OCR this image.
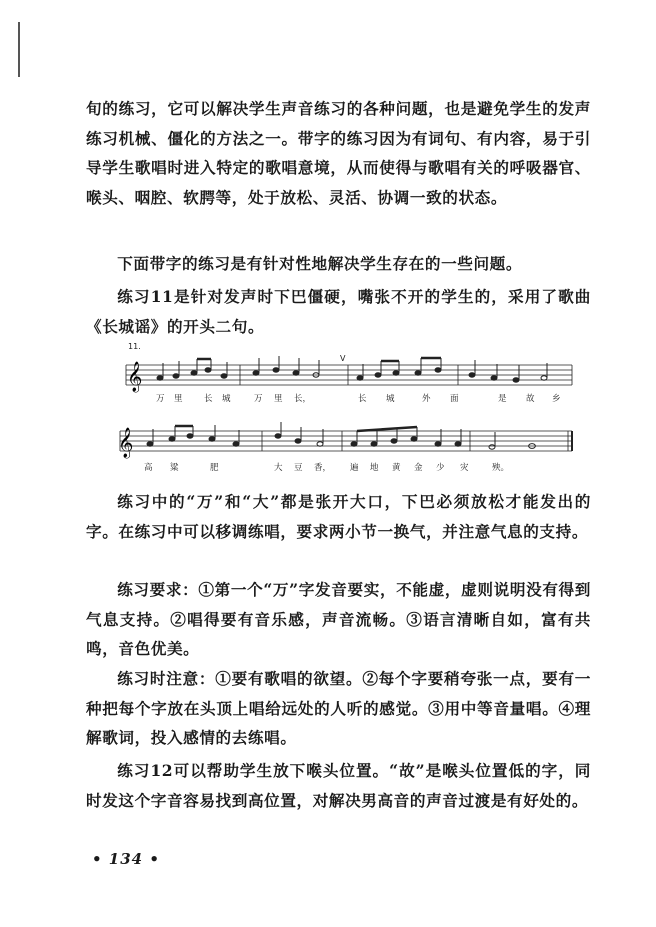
旬的练习，它可以解决学生声音练习的各种问题，也是避免学生的发声练习机械、僵化的方法之一。带字的练习因为有词句、有内容，易于引导学生歌唱时进入特定的歌唱意境，从而使得与歌唱有关的呼吸器官、喉头、咽腔、软腭等，处于放松、灵活、协调一致的状态。

下面带字的练习是有针对性地解决学生存在的一些问题。

练习11是针对发声时下巴僵硬，嘴张不开的学生的，采用了歌曲《长城谣》的开头二句。

11.
V
𝄞
万 里	长 城	万 里 长，	长 城	外 面	是 故 乡
𝄞
高 粱	肥	大 豆 香， 遍 地 黄 金 少 灾	殃。

练习中的“万”和“大”都是张开大口，下巴必须放松才能发出的字。在练习中可以移调练唱，要求两小节一换气，并注意气息的支持。

练习要求：①第一个“万”字发音要实，不能虚，虚则说明没有得到气息支持。②唱得要有音乐感，声音流畅。③语言清晰自如，富有共鸣，音色优美。

练习时注意：①要有歌唱的欲望。②每个字要稍夸张一点，要有一种把每个字放在头顶上唱给远处的人听的感觉。③用中等音量唱。④理解歌词，投入感情的去练唱。

练习12可以帮助学生放下喉头位置。“故”是喉头位置低的字，同时发这个字音容易找到高位置，对解决男高音的声音过渡是有好处的。

• 134 •
